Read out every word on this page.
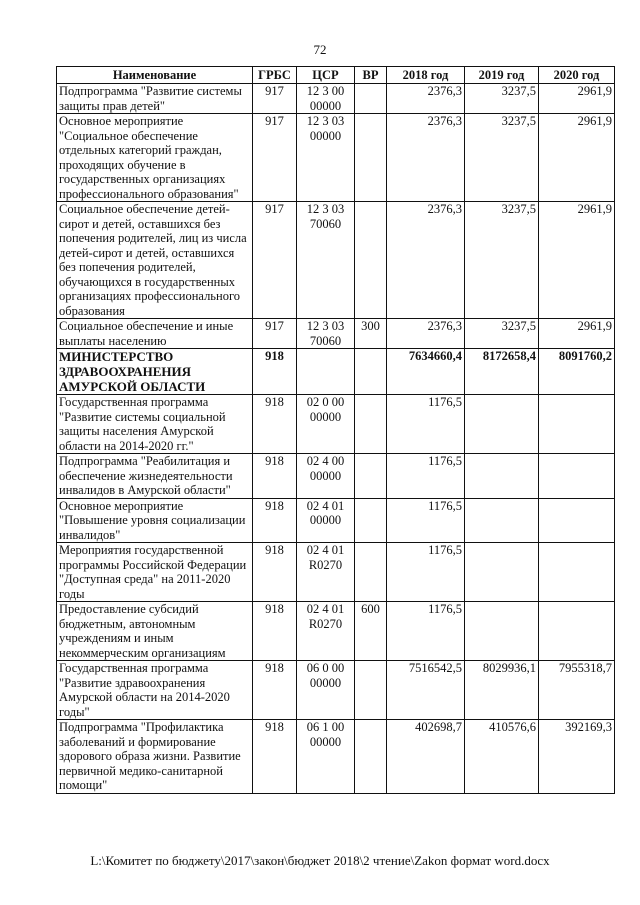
72
Наименование	ГРБС	ЦСР	ВР	2018 год	2019 год	2020 год
Подпрограмма "Развитие системы защиты прав детей"	917	12 3 00 00000		2376,3	3237,5	2961,9
Основное мероприятие "Социальное обеспечение отдельных категорий граждан, проходящих обучение в государственных организациях профессионального образования"	917	12 3 03 00000		2376,3	3237,5	2961,9
Социальное обеспечение детей-сирот и детей, оставшихся без попечения родителей, лиц из числа детей-сирот и детей, оставшихся без попечения родителей, обучающихся в государственных организациях профессионального образования	917	12 3 03 70060		2376,3	3237,5	2961,9
Социальное обеспечение и иные выплаты населению	917	12 3 03 70060	300	2376,3	3237,5	2961,9
МИНИСТЕРСТВО ЗДРАВООХРАНЕНИЯ АМУРСКОЙ ОБЛАСТИ	918			7634660,4	8172658,4	8091760,2
Государственная программа "Развитие системы социальной защиты населения Амурской области на 2014-2020 гг."	918	02 0 00 00000		1176,5		
Подпрограмма "Реабилитация и обеспечение жизнедеятельности инвалидов в Амурской области"	918	02 4 00 00000		1176,5		
Основное мероприятие "Повышение уровня социализации инвалидов"	918	02 4 01 00000		1176,5		
Мероприятия государственной программы Российской Федерации "Доступная среда" на 2011-2020 годы	918	02 4 01 R0270		1176,5		
Предоставление субсидий бюджетным, автономным учреждениям и иным некоммерческим организациям	918	02 4 01 R0270	600	1176,5		
Государственная программа "Развитие здравоохранения Амурской области на 2014-2020 годы"	918	06 0 00 00000		7516542,5	8029936,1	7955318,7
Подпрограмма "Профилактика заболеваний и формирование здорового образа жизни. Развитие первичной медико-санитарной помощи"	918	06 1 00 00000		402698,7	410576,6	392169,3
L:\Комитет по бюджету\2017\закон\бюджет 2018\2 чтение\Zakon формат word.docx
